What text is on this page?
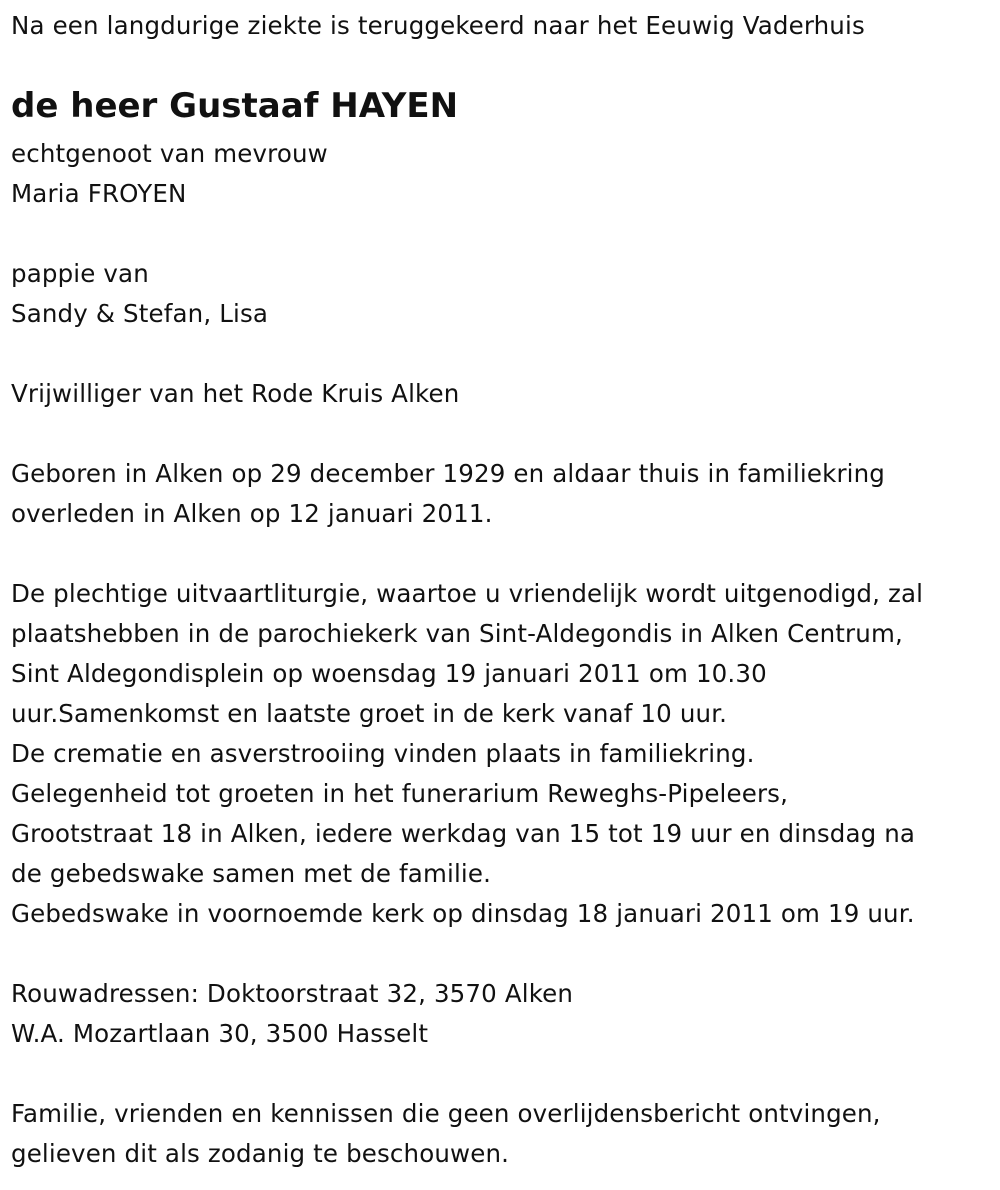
Na een langdurige ziekte is teruggekeerd naar het Eeuwig Vaderhuis
de heer Gustaaf HAYEN
echtgenoot van mevrouw
Maria FROYEN
pappie van
Sandy & Stefan, Lisa
Vrijwilliger van het Rode Kruis Alken
Geboren in Alken op 29 december 1929 en aldaar thuis in familiekring
overleden in Alken op 12 januari 2011.
De plechtige uitvaartliturgie, waartoe u vriendelijk wordt uitgenodigd, zal
plaatshebben in de parochiekerk van Sint-Aldegondis in Alken Centrum,
Sint Aldegondisplein op woensdag 19 januari 2011 om 10.30
uur.Samenkomst en laatste groet in de kerk vanaf 10 uur.
De crematie en asverstrooiing vinden plaats in familiekring.
Gelegenheid tot groeten in het funerarium Reweghs-Pipeleers,
Grootstraat 18 in Alken, iedere werkdag van 15 tot 19 uur en dinsdag na
de gebedswake samen met de familie.
Gebedswake in voornoemde kerk op dinsdag 18 januari 2011 om 19 uur.
Rouwadressen: Doktoorstraat 32, 3570 Alken
W.A. Mozartlaan 30, 3500 Hasselt
Familie, vrienden en kennissen die geen overlijdensbericht ontvingen,
gelieven dit als zodanig te beschouwen.
